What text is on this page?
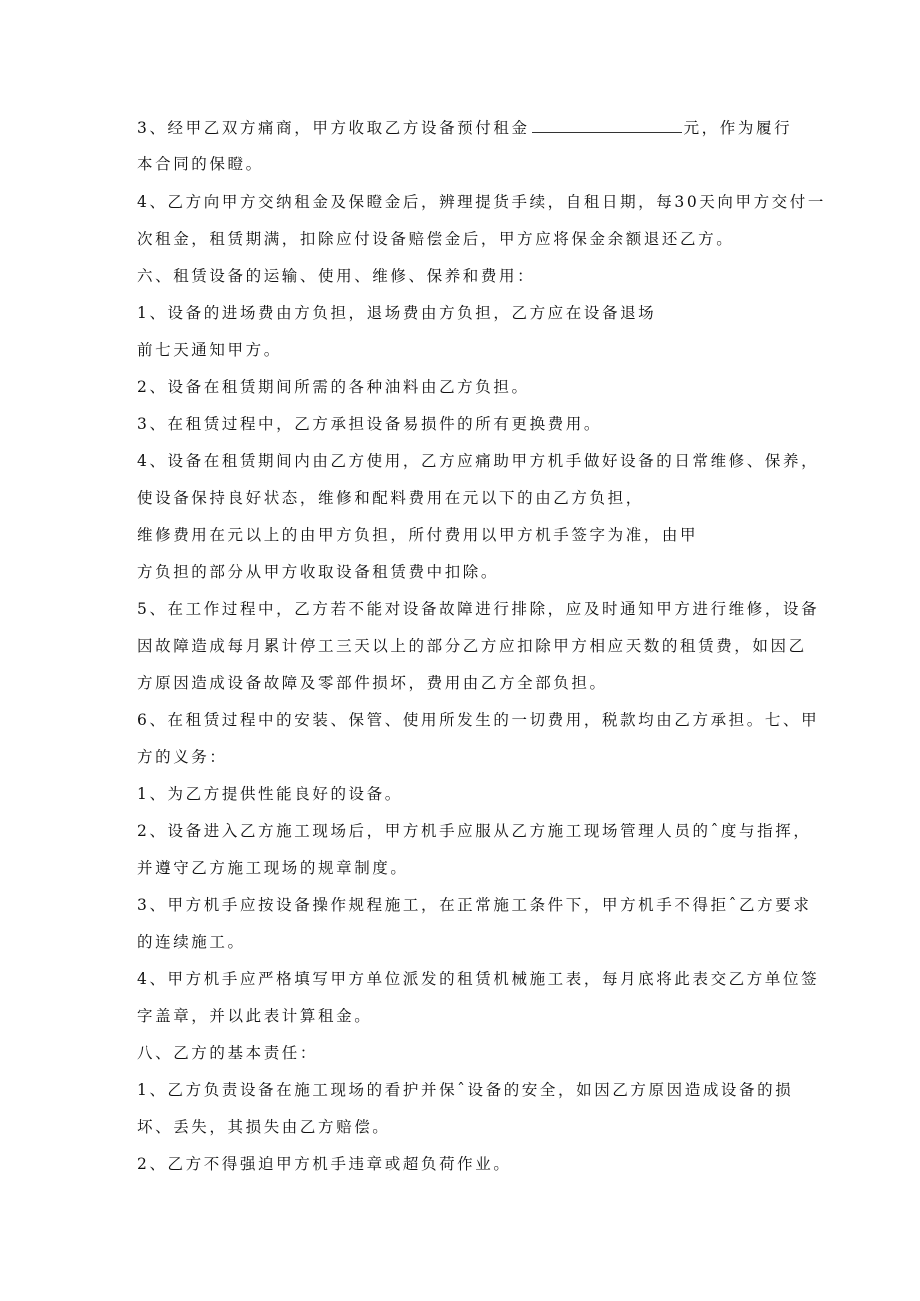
3、经甲乙双方痛商，甲方收取乙方设备预付租金	元，作为履行
本合同的保瞪。
4、乙方向甲方交纳租金及保瞪金后，辨理提货手续，自租日期，每30天向甲方交付一
次租金，租赁期满，扣除应付设备赔偿金后，甲方应将保金余额退还乙方。
六、租赁设备的运输、使用、维修、保养和费用：
1、设备的进场费由方负担，退场费由方负担，乙方应在设备退场
前七天通知甲方。
2、设备在租赁期间所需的各种油料由乙方负担。
3、在租赁过程中，乙方承担设备易损件的所有更换费用。
4、设备在租赁期间内由乙方使用，乙方应痛助甲方机手做好设备的日常维修、保养，
使设备保持良好状态，维修和配料费用在元以下的由乙方负担，
维修费用在元以上的由甲方负担，所付费用以甲方机手签字为准，由甲
方负担的部分从甲方收取设备租赁费中扣除。
5、在工作过程中，乙方若不能对设备故障进行排除，应及时通知甲方进行维修，设备
因故障造成每月累计停工三天以上的部分乙方应扣除甲方相应天数的租赁费，如因乙
方原因造成设备故障及零部件损坏，费用由乙方全部负担。
6、在租赁过程中的安装、保管、使用所发生的一切费用，税款均由乙方承担。七、甲
方的义务：
1、为乙方提供性能良好的设备。
2、设备进入乙方施工现场后，甲方机手应服从乙方施工现场管理人员的ˆ度与指挥，
并遵守乙方施工现场的规章制度。
3、甲方机手应按设备操作规程施工，在正常施工条件下，甲方机手不得拒ˆ乙方要求
的连续施工。
4、甲方机手应严格填写甲方单位派发的租赁机械施工表，每月底将此表交乙方单位签
字盖章，并以此表计算租金。
八、乙方的基本责任：
1、乙方负责设备在施工现场的看护并保ˆ设备的安全，如因乙方原因造成设备的损
坏、丢失，其损失由乙方赔偿。
2、乙方不得强迫甲方机手违章或超负荷作业。
